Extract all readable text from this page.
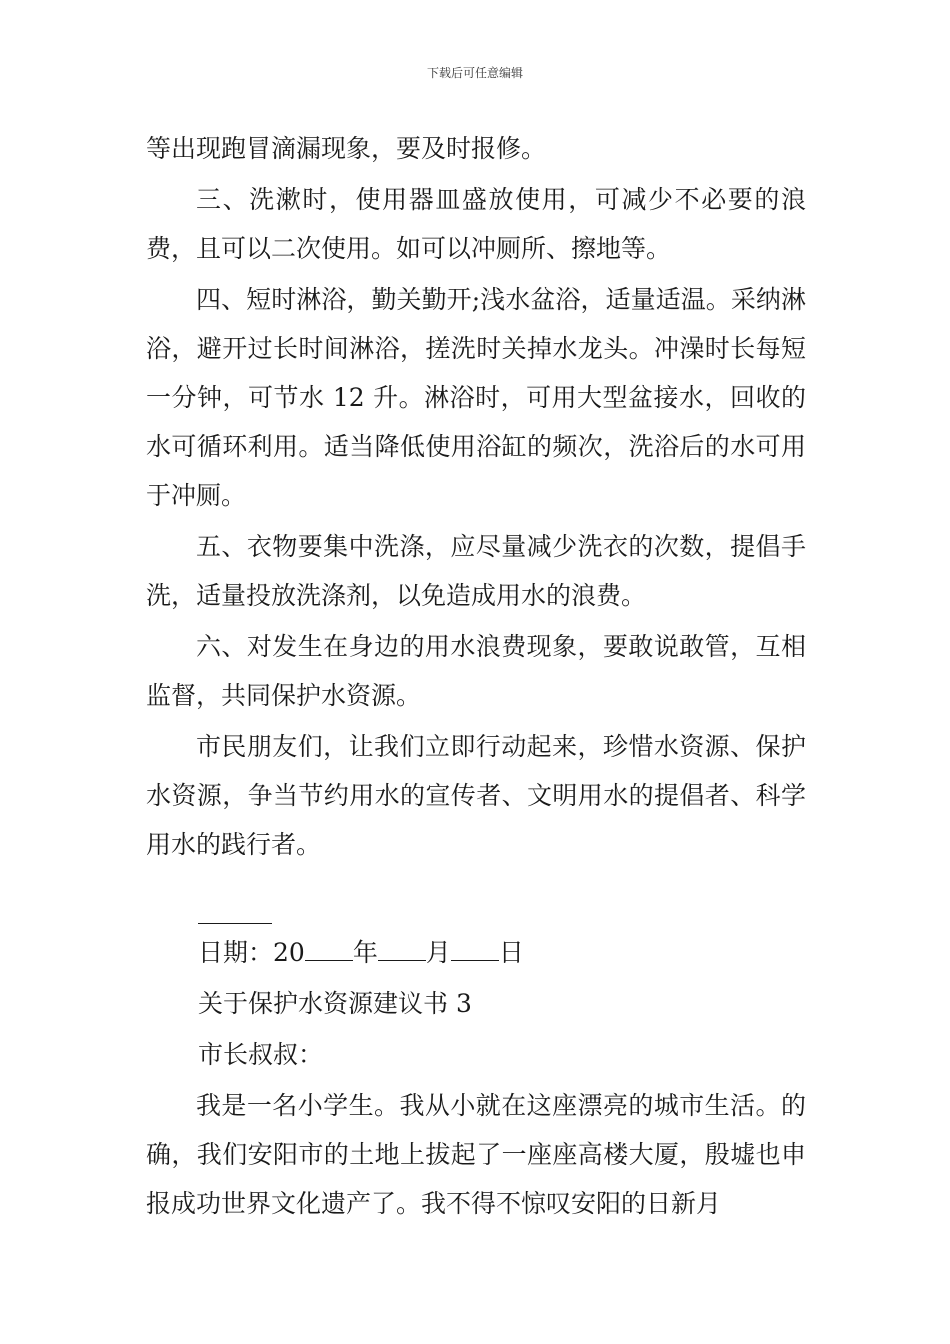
下载后可任意编辑

等出现跑冒滴漏现象，要及时报修。

三、洗漱时，使用器皿盛放使用，可减少不必要的浪费，且可以二次使用。如可以冲厕所、擦地等。

四、短时淋浴，勤关勤开;浅水盆浴，适量适温。采纳淋浴，避开过长时间淋浴，搓洗时关掉水龙头。冲澡时长每短一分钟，可节水 12 升。淋浴时，可用大型盆接水，回收的水可循环利用。适当降低使用浴缸的频次，洗浴后的水可用于冲厕。

五、衣物要集中洗涤，应尽量减少洗衣的次数，提倡手洗，适量投放洗涤剂，以免造成用水的浪费。

六、对发生在身边的用水浪费现象，要敢说敢管，互相监督，共同保护水资源。

市民朋友们，让我们立即行动起来，珍惜水资源、保护水资源，争当节约用水的宣传者、文明用水的提倡者、科学用水的践行者。

日期：20 年 月 日
关于保护水资源建议书 3
市长叔叔：

我是一名小学生。我从小就在这座漂亮的城市生活。的确，我们安阳市的土地上拔起了一座座高楼大厦，殷墟也申报成功世界文化遗产了。我不得不惊叹安阳的日新月
